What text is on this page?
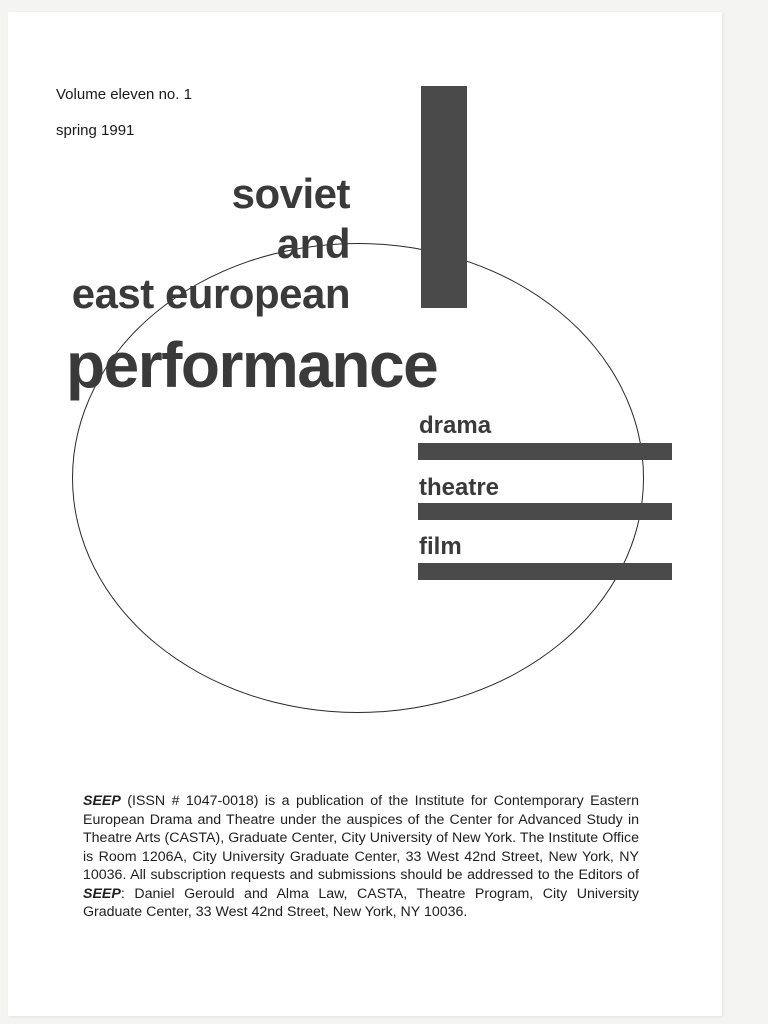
Volume eleven no. 1
spring 1991
soviet
and
east european
performance
drama
theatre
film
SEEP (ISSN # 1047-0018) is a publication of the Institute for Contemporary Eastern European Drama and Theatre under the auspices of the Center for Advanced Study in Theatre Arts (CASTA), Graduate Center, City University of New York. The Institute Office is Room 1206A, City University Graduate Center, 33 West 42nd Street, New York, NY 10036. All subscription requests and submissions should be addressed to the Editors of SEEP: Daniel Gerould and Alma Law, CASTA, Theatre Program, City University Graduate Center, 33 West 42nd Street, New York, NY 10036.
